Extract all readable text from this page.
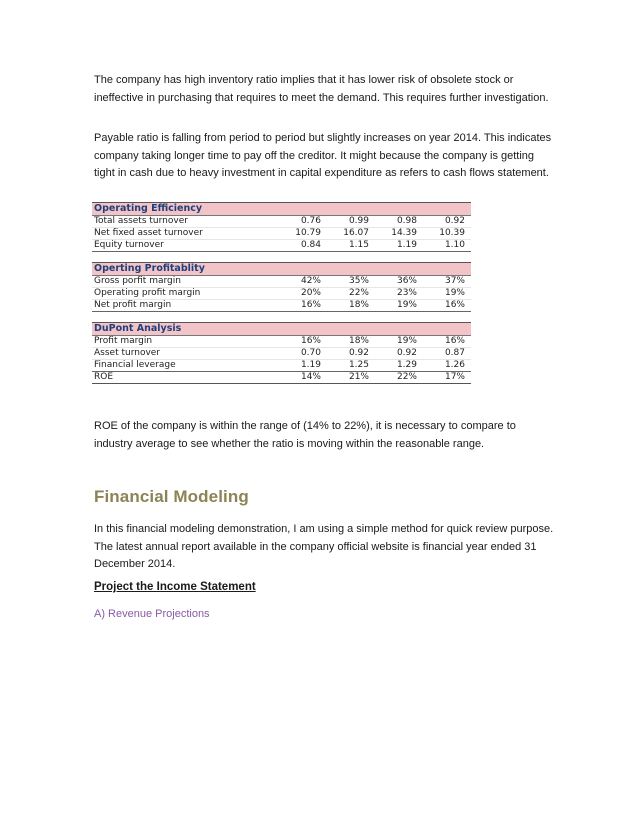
The company has high inventory ratio implies that it has lower risk of obsolete stock or ineffective in purchasing that requires to meet the demand. This requires further investigation.

Payable ratio is falling from period to period but slightly increases on year 2014. This indicates company taking longer time to pay off the creditor. It might because the company is getting tight in cash due to heavy investment in capital expenditure as refers to cash flows statement.

Operating Efficiency
Total assets turnover	0.76	0.99	0.98	0.92
Net fixed asset turnover	10.79	16.07	14.39	10.39
Equity turnover	0.84	1.15	1.19	1.10
Operting Profitablity
Gross porfit margin	42%	35%	36%	37%
Operating profit margin	20%	22%	23%	19%
Net profit margin	16%	18%	19%	16%
DuPont Analysis
Profit margin	16%	18%	19%	16%
Asset turnover	0.70	0.92	0.92	0.87
Financial leverage	1.19	1.25	1.29	1.26
ROE	14%	21%	22%	17%

ROE of the company is within the range of (14% to 22%), it is necessary to compare to industry average to see whether the ratio is moving within the reasonable range.

Financial Modeling

In this financial modeling demonstration, I am using a simple method for quick review purpose. The latest annual report available in the company official website is financial year ended 31 December 2014.

Project the Income Statement

A) Revenue Projections
